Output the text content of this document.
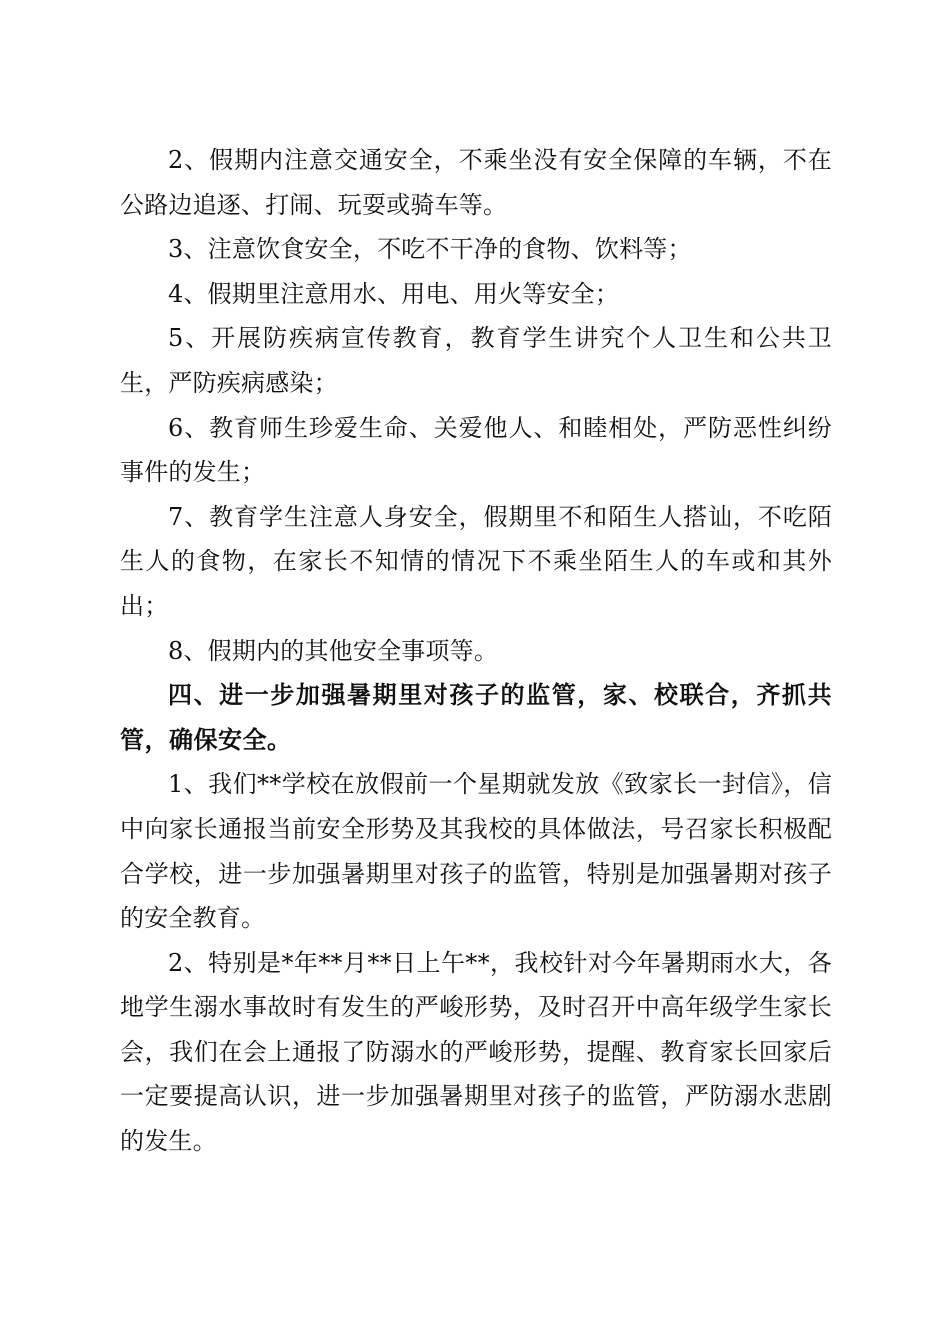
2、假期内注意交通安全，不乘坐没有安全保障的车辆，不在公路边追逐、打闹、玩耍或骑车等。

3、注意饮食安全，不吃不干净的食物、饮料等；

4、假期里注意用水、用电、用火等安全；

5、开展防疾病宣传教育，教育学生讲究个人卫生和公共卫生，严防疾病感染；

6、教育师生珍爱生命、关爱他人、和睦相处，严防恶性纠纷事件的发生；

7、教育学生注意人身安全，假期里不和陌生人搭讪，不吃陌生人的食物，在家长不知情的情况下不乘坐陌生人的车或和其外出；

8、假期内的其他安全事项等。

四、进一步加强暑期里对孩子的监管，家、校联合，齐抓共管，确保安全。

1、我们**学校在放假前一个星期就发放《致家长一封信》，信中向家长通报当前安全形势及其我校的具体做法，号召家长积极配合学校，进一步加强暑期里对孩子的监管，特别是加强暑期对孩子的安全教育。

2、特别是*年**月**日上午**，我校针对今年暑期雨水大，各地学生溺水事故时有发生的严峻形势，及时召开中高年级学生家长会，我们在会上通报了防溺水的严峻形势，提醒、教育家长回家后一定要提高认识，进一步加强暑期里对孩子的监管，严防溺水悲剧的发生。
